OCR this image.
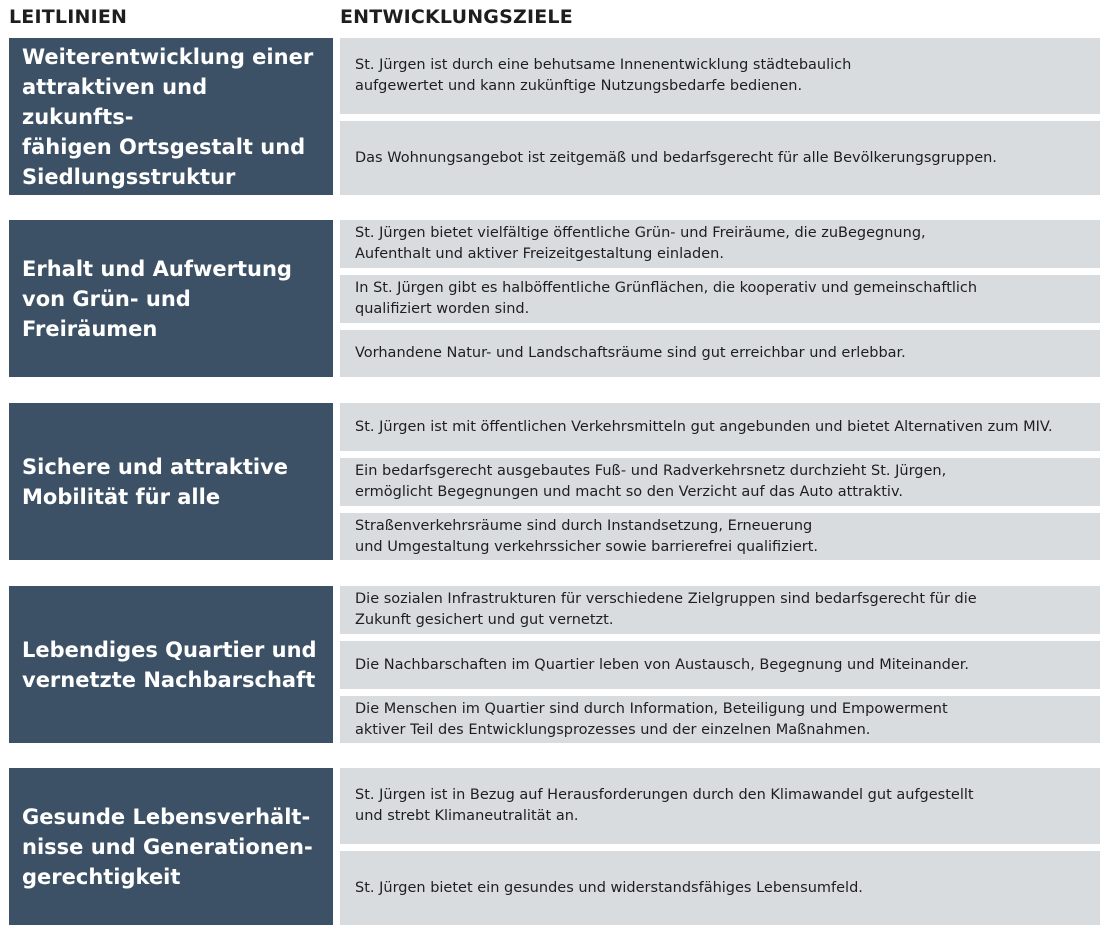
LEITLINIEN	ENTWICKLUNGSZIELE
Weiterentwicklung einer
attraktiven und zukunfts-
fähigen Ortsgestalt und
Siedlungsstruktur
St. Jürgen ist durch eine behutsame Innenentwicklung städtebaulich
aufgewertet und kann zukünftige Nutzungsbedarfe bedienen.
Das Wohnungsangebot ist zeitgemäß und bedarfsgerecht für alle Bevölkerungsgruppen.
Erhalt und Aufwertung
von Grün- und Freiräumen
St. Jürgen bietet vielfältige öffentliche Grün- und Freiräume, die zuBegegnung,
Aufenthalt und aktiver Freizeitgestaltung einladen.
In St. Jürgen gibt es halböffentliche Grünflächen, die kooperativ und gemeinschaftlich
qualifiziert worden sind.
Vorhandene Natur- und Landschaftsräume sind gut erreichbar und erlebbar.
Sichere und attraktive
Mobilität für alle
St. Jürgen ist mit öffentlichen Verkehrsmitteln gut angebunden und bietet Alternativen zum MIV.
Ein bedarfsgerecht ausgebautes Fuß- und Radverkehrsnetz durchzieht St. Jürgen,
ermöglicht Begegnungen und macht so den Verzicht auf das Auto attraktiv.
Straßenverkehrsräume sind durch Instandsetzung, Erneuerung
und Umgestaltung verkehrssicher sowie barrierefrei qualifiziert.
Lebendiges Quartier und
vernetzte Nachbarschaft
Die sozialen Infrastrukturen für verschiedene Zielgruppen sind bedarfsgerecht für die
Zukunft gesichert und gut vernetzt.
Die Nachbarschaften im Quartier leben von Austausch, Begegnung und Miteinander.
Die Menschen im Quartier sind durch Information, Beteiligung und Empowerment
aktiver Teil des Entwicklungsprozesses und der einzelnen Maßnahmen.
Gesunde Lebensverhält-
nisse und Generationen-
gerechtigkeit
St. Jürgen ist in Bezug auf Herausforderungen durch den Klimawandel gut aufgestellt
und strebt Klimaneutralität an.
St. Jürgen bietet ein gesundes und widerstandsfähiges Lebensumfeld.
